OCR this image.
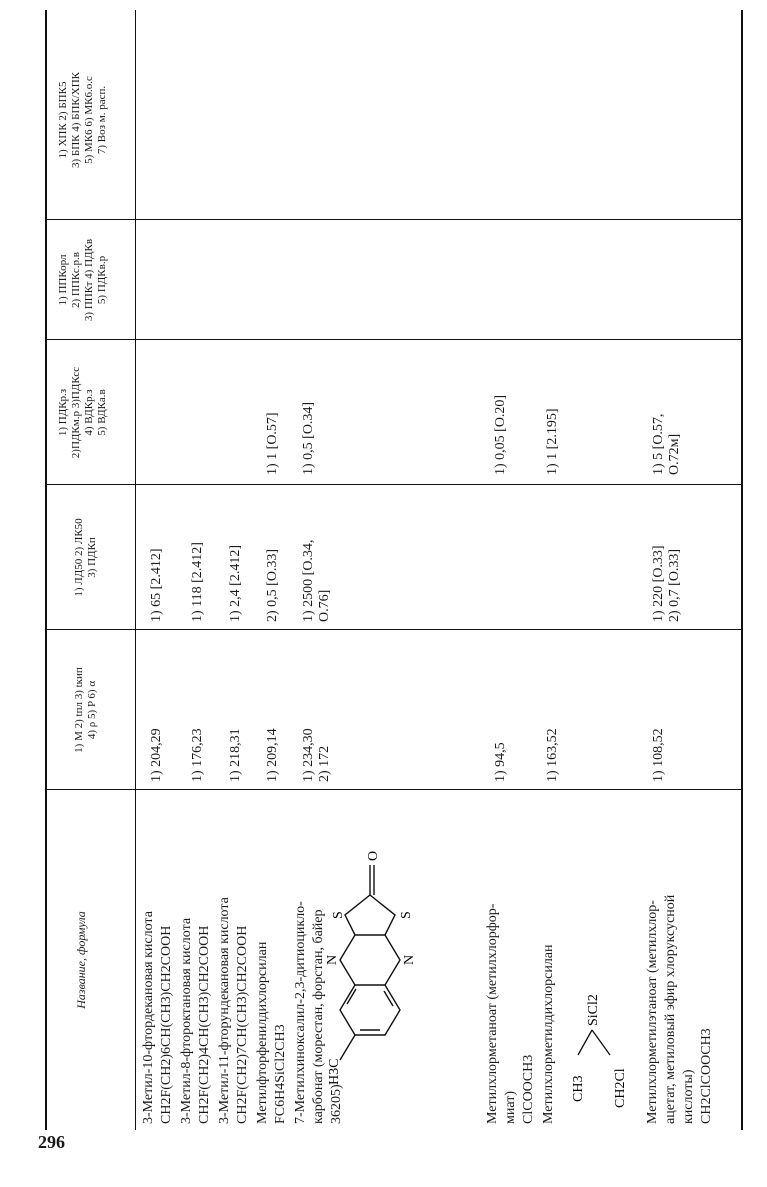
296
Название, формула
1) M 2) tпл 3) tкип 4) ρ 5) P 6) α
1) ЛД50 2) ЛК50 3) ПДКп
1) ПДКр.з 2)ПДКм.р 3)ПДКсс 4) ВДКр.з 5) ВДКа.в
1) ППКорл 2) ППКс.р.в 3) ППКт 4) ПДКв 5) ПДКв.р
1) ХПК 2) БПК5 3) БПК 4) БПК/ХПК 5) МК6 6) МК6.о.с 7) Воз м. расп.
3-Метил-10-фтордекановая кислота CH2F(CH2)6CH(CH3)CH2COOH
1) 204,29
1) 65 [2.412]
3-Метил-8-фтороктановая кислота CH2F(CH2)4CH(CH3)CH2COOH
1) 176,23
1) 118 [2.412]
3-Метил-11-фторундекановая кислота CH2F(CH2)7CH(CH3)CH2COOH
1) 218,31
1) 2,4 [2.412]
Метилфторфенилдихлорсилан FC6H4SiCl2CH3
1) 209,14
2) 0,5 [O.33]
1) 1 [O.57]
7-Метилхиноксалил-2,3-дитиоцикло- карбонат (морестан, форстан, байер 36205)
1) 234,30
2) 172
1) 2500 [O.34,
O.76]
1) 0,5 [O.34]
H3C
N	N
S	S
O
Метилхлорметаноат (метилхлорфор- миат) ClCOOCH3
1) 94,5
1) 0,05 [O.20]
Метилхлорметилдихлорсилан
1) 163,52
1) 1 [2.195]
CH3
SiCl2
CH2Cl Метилхлорметилэтаноат (метилхлор- ацетат, метиловый эфир хлоруксусной кислоты) CH2ClCOOCH3
1) 108,52
1) 220 [O.33]
2) 0,7 [O.33]
1) 5 [O.57,
O.72м]
